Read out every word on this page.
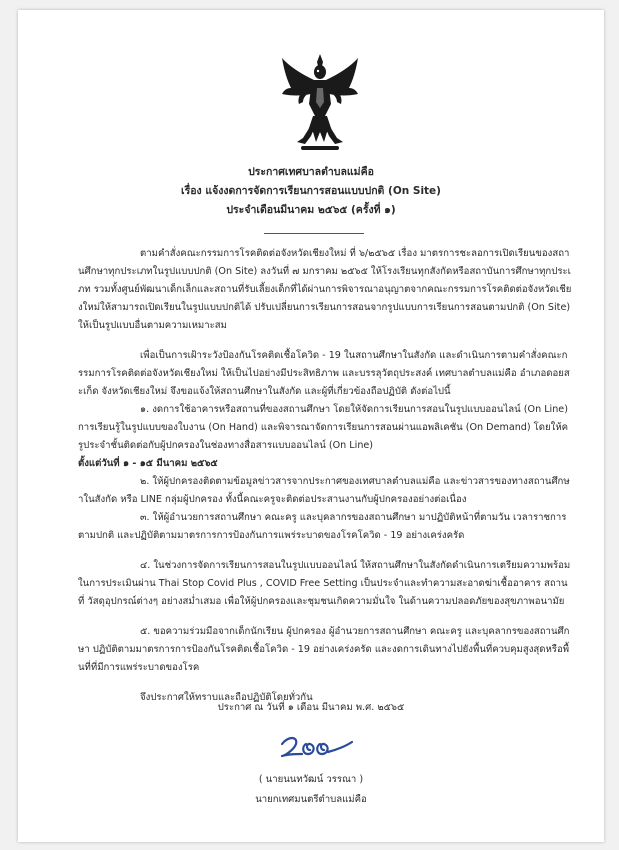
ประกาศเทศบาลตำบลแม่คือ
เรื่อง แจ้งงดการจัดการเรียนการสอนแบบปกติ (On Site)
ประจำเดือนมีนาคม ๒๕๖๕ (ครั้งที่ ๑)

ตามคำสั่งคณะกรรมการโรคติดต่อจังหวัดเชียงใหม่ ที่ ๖/๒๕๖๕ เรื่อง มาตรการชะลอการเปิดเรียนของสถานศึกษาทุกประเภทในรูปแบบปกติ (On Site) ลงวันที่ ๗ มกราคม ๒๕๖๕ ให้โรงเรียนทุกสังกัดหรือสถาบันการศึกษาทุกประเภท รวมทั้งศูนย์พัฒนาเด็กเล็กและสถานที่รับเลี้ยงเด็กที่ได้ผ่านการพิจารณาอนุญาตจากคณะกรรมการโรคติดต่อจังหวัดเชียงใหม่ให้สามารถเปิดเรียนในรูปแบบปกติได้ ปรับเปลี่ยนการเรียนการสอนจากรูปแบบการเรียนการสอนตามปกติ (On Site) ให้เป็นรูปแบบอื่นตามความเหมาะสม

เพื่อเป็นการเฝ้าระวังป้องกันโรคติดเชื้อโควิด - 19 ในสถานศึกษาในสังกัด และดำเนินการตามคำสั่งคณะกรรมการโรคติดต่อจังหวัดเชียงใหม่ ให้เป็นไปอย่างมีประสิทธิภาพ และบรรลุวัตถุประสงค์ เทศบาลตำบลแม่คือ อำเภอดอยสะเก็ด จังหวัดเชียงใหม่ จึงขอแจ้งให้สถานศึกษาในสังกัด และผู้ที่เกี่ยวข้องถือปฏิบัติ ดังต่อไปนี้

๑. งดการใช้อาคารหรือสถานที่ของสถานศึกษา โดยให้จัดการเรียนการสอนในรูปแบบออนไลน์ (On Line) การเรียนรู้ในรูปแบบของใบงาน (On Hand) และพิจารณาจัดการเรียนการสอนผ่านแอพลิเคชัน (On Demand) โดยให้ครูประจำชั้นติดต่อกับผู้ปกครองในช่องทางสื่อสารแบบออนไลน์ (On Line)

ตั้งแต่วันที่ ๑ - ๑๕ มีนาคม ๒๕๖๕

๒. ให้ผู้ปกครองติดตามข้อมูลข่าวสารจากประกาศของเทศบาลตำบลแม่คือ และข่าวสารของทางสถานศึกษาในสังกัด หรือ LINE กลุ่มผู้ปกครอง ทั้งนี้คณะครูจะติดต่อประสานงานกับผู้ปกครองอย่างต่อเนื่อง

๓. ให้ผู้อำนวยการสถานศึกษา คณะครู และบุคลากรของสถานศึกษา มาปฏิบัติหน้าที่ตามวัน เวลาราชการตามปกติ และปฏิบัติตามมาตรการการป้องกันการแพร่ระบาดของโรคโควิด - 19 อย่างเคร่งครัด

๔. ในช่วงการจัดการเรียนการสอนในรูปแบบออนไลน์ ให้สถานศึกษาในสังกัดดำเนินการเตรียมความพร้อมในการประเมินผ่าน Thai Stop Covid Plus , COVID Free Setting เป็นประจำและทำความสะอาดฆ่าเชื้ออาคาร สถานที่ วัสดุอุปกรณ์ต่างๆ อย่างสม่ำเสมอ เพื่อให้ผู้ปกครองและชุมชนเกิดความมั่นใจ ในด้านความปลอดภัยของสุขภาพอนามัย

๕. ขอความร่วมมือจากเด็กนักเรียน ผู้ปกครอง ผู้อำนวยการสถานศึกษา คณะครู และบุคลากรของสถานศึกษา ปฏิบัติตามมาตรการการป้องกันโรคติดเชื้อโควิด - 19 อย่างเคร่งครัด และงดการเดินทางไปยังพื้นที่ควบคุมสูงสุดหรือพื้นที่ที่มีการแพร่ระบาดของโรค

จึงประกาศให้ทราบและถือปฏิบัติโดยทั่วกัน

ประกาศ ณ วันที่ ๑ เดือน มีนาคม พ.ศ. ๒๕๖๕
( นายนนทวัฒน์ วรรณา )
นายกเทศมนตรีตำบลแม่คือ
